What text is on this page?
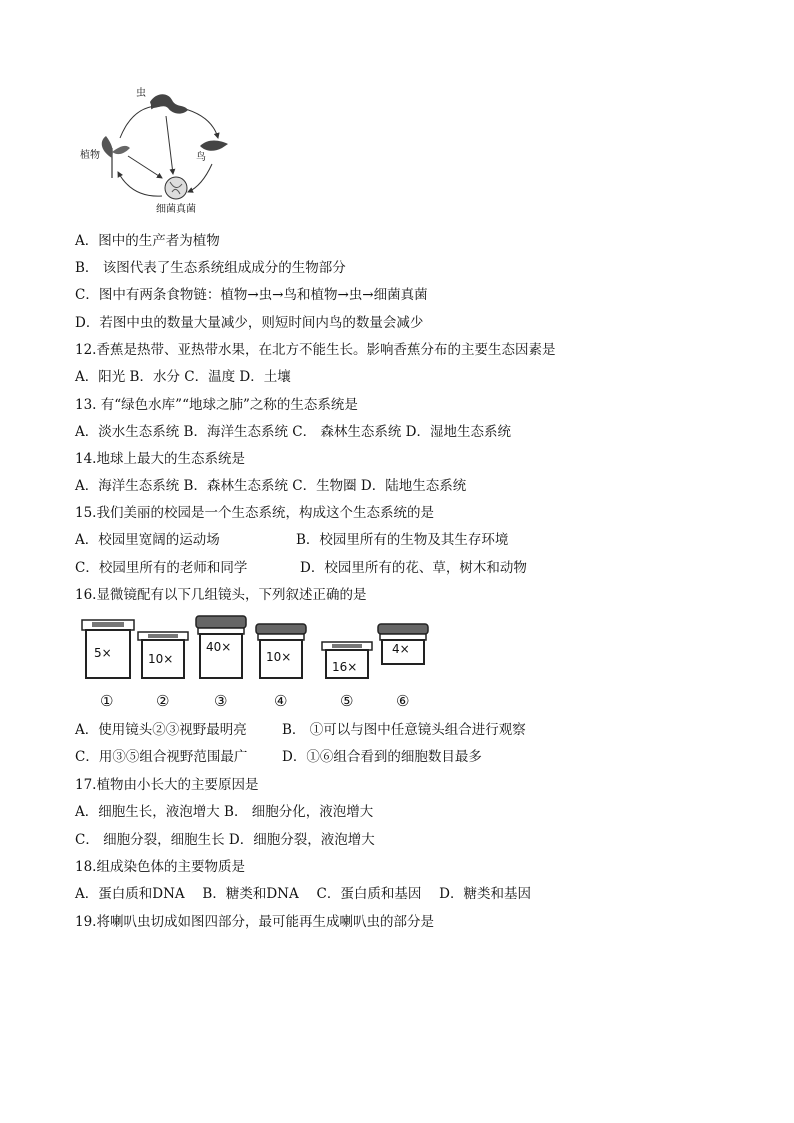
虫
植物	鸟
细菌真菌
A．图中的生产者为植物
B． 该图代表了生态系统组成成分的生物部分
C．图中有两条食物链：植物→虫→鸟和植物→虫→细菌真菌
D．若图中虫的数量大量减少，则短时间内鸟的数量会减少
12.香蕉是热带、亚热带水果，在北方不能生长。影响香蕉分布的主要生态因素是
A．阳光 B．水分 C．温度 D．土壤
13. 有“绿色水库”“地球之肺”之称的生态系统是
A．淡水生态系统 B．海洋生态系统 C． 森林生态系统 D．湿地生态系统
14.地球上最大的生态系统是
A．海洋生态系统 B．森林生态系统 C．生物圈 D．陆地生态系统
15.我们美丽的校园是一个生态系统，构成这个生态系统的是
A．校园里宽阔的运动场	B．校园里所有的生物及其生存环境
C．校园里所有的老师和同学	D．校园里所有的花、草，树木和动物
16.显微镜配有以下几组镜头，下列叙述正确的是
5×	10×
40×
10×
16×
4×
①	②	③	④	⑤	⑥
A．使用镜头②③视野最明亮	B． ①可以与图中任意镜头组合进行观察
C．用③⑤组合视野范围最广	D．①⑥组合看到的细胞数目最多
17.植物由小长大的主要原因是
A．细胞生长，液泡增大 B． 细胞分化，液泡增大
C． 细胞分裂，细胞生长 D．细胞分裂，液泡增大
18.组成染色体的主要物质是
A．蛋白质和DNA　 B．糖类和DNA　 C．蛋白质和基因　 D．糖类和基因
19.将喇叭虫切成如图四部分，最可能再生成喇叭虫的部分是
